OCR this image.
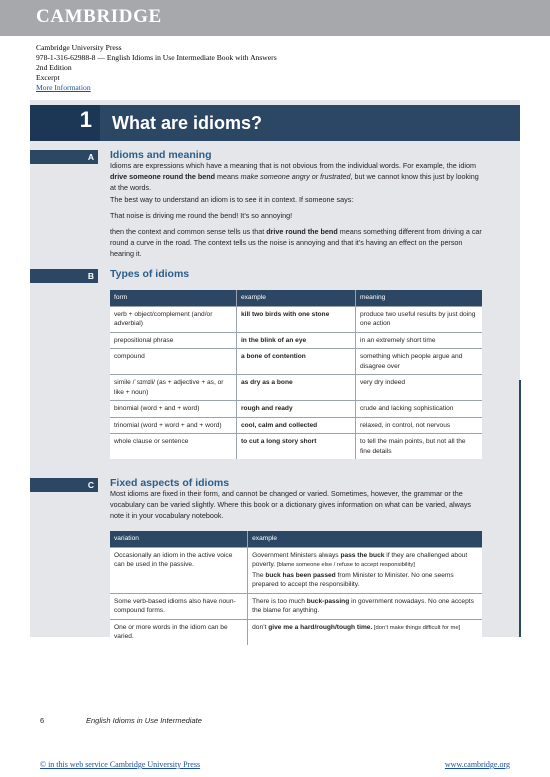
CAMBRIDGE
Cambridge University Press
978-1-316-62988-8 — English Idioms in Use Intermediate Book with Answers
2nd Edition
Excerpt
More Information
1	What are idioms?
A	Idioms and meaning
Idioms are expressions which have a meaning that is not obvious from the individual words. For example, the idiom drive someone round the bend means make someone angry or frustrated, but we cannot know this just by looking at the words.
The best way to understand an idiom is to see it in context. If someone says:
That noise is driving me round the bend! It’s so annoying!
then the context and common sense tells us that drive round the bend means something different from driving a car round a curve in the road. The context tells us the noise is annoying and that it’s having an effect on the person hearing it.
B	Types of idioms
form	example	meaning
verb + object/complement (and/or adverbial)	kill two birds with one stone	produce two useful results by just doing one action
prepositional phrase	in the blink of an eye	in an extremely short time
compound	a bone of contention	something which people argue and disagree over
simile /ˈsɪmɪli/ (as + adjective + as, or like + noun)	as dry as a bone	very dry indeed
binomial (word + and + word)	rough and ready	crude and lacking sophistication
trinomial (word + word + and + word)	cool, calm and collected	relaxed, in control, not nervous
whole clause or sentence	to cut a long story short	to tell the main points, but not all the fine details
C	Fixed aspects of idioms
Most idioms are fixed in their form, and cannot be changed or varied. Sometimes, however, the grammar or the vocabulary can be varied slightly. Where this book or a dictionary gives information on what can be varied, always note it in your vocabulary notebook.
variation	example
Occasionally an idiom in the active voice can be used in the passive.	Government Ministers always pass the buck if they are challenged about poverty. [blame someone else / refuse to accept responsibility]
The buck has been passed from Minister to Minister. No one seems prepared to accept the responsibility.
Some verb-based idioms also have noun-compound forms.	There is too much buck-passing in government nowadays. No one accepts the blame for anything.
One or more words in the idiom can be varied.	don’t give me a hard/rough/tough time. [don’t make things difficult for me]
6	English Idioms in Use Intermediate
© in this web service Cambridge University Press	www.cambridge.org
